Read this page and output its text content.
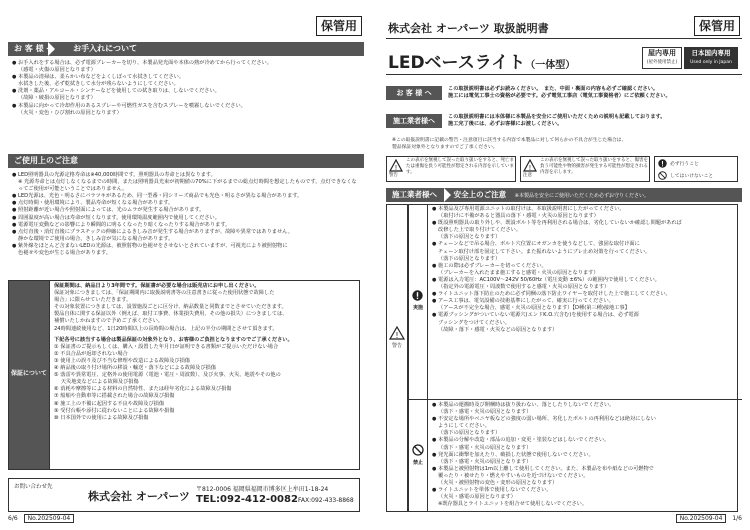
保管用
お 客 様 へ お手入れについて
● お手入れをする場合は、必ず電源ブレーカーを切り、本製品発光面や本体の熱が冷めてから行ってください。
（感電・火傷の原因となります）
● 本製品の清掃は、柔らかい布などをよくしぼって水拭きしてください。
水拭きした後、必ず乾拭きして水分が残らないようにしてください。
● 洗剤・薬品・アルコール・シンナーなどを使用しての拭き取りは、しないでください。
（故障・破損の原因となります）
● 本製品に向かって冷却作用のあるスプレーや可燃性ガスを含むスプレーを噴霧しないでください。
（火災・変色・ひび割れの原因となります）
ご使用上のご注意
● LED照明器具の光源定格寿命は※40,000時間です。照明器具の寿命とは異なります。
※ 光源寿命とは点灯しなくなるまでの時間、または照明器具光束が初期値の70%に下がるまでの総点灯時間を想定したものです。点灯できなくなってご使用が可能ということではありません。
● LED光源は、光色・明るさにバラツキがあるため、同一型番・同シリーズ商品でも光色・明るさが異なる場合があります。
● 点灯時間・使用環境により、製品寿命が短くなる場合があります。
● 照射距離が近い場合や照射面によっては、光のムラが発生する場合があります。
● 周囲温度が高い場合は寿命が短くなります。使用環境温度範囲内で使用してください。
● 電源電圧変動などの影響により瞬間的に明るくなったり暗くなったりする場合があります。
● 点灯直後・消灯直後にプラスチックの伸縮によるきしみ音が発生する場合がありますが、故障や異常ではありません。
静かな環境でご使用の場合、きしみ音が気になる場合があります。
● 紫外線をほとんど含まないLEDの光源は、被照射物の色褪せをさせないとされていますが、可視光により被照射物に
色褪せや変色が生じる場合があります。
保証について
保証期間は、納品日より3年間です。保証書が必要な場合は販売店にお申し出ください。
保証対象につきましては、「保証期間内に取扱説明書等の注意書きに従った使用状態で故障した
場合」に限らせていただきます。
その対象装置につきましては、設置施設ごとに区分け、納品数量と同数までとさせていただきます。
製品自体に関する保証以外（例えば、取付工事費、休業損失費用、その他の損失）につきましては、
補償いたしかねますので予めご了承ください。
24時間連続使用など、1日20時間以上の長時間の場合は、上記の半分の期間とさせて頂きます。
下記各号に該当する場合は製品保証の対象外となり、お客様のご負担となりますのでご了承ください。
① 保証書のご提示もしくは、購入・設置した年月日が証明できる書類がご提示いただけない場合
② 不具合品が返却されない場合
③ 使用上の誤り及び不当な修理や改造による故障及び損傷
④ 納品後の取り付け場所の移設・輸送・落下などによる故障及び損傷
⑤ 落雷や異常電圧、定格外の使用電源（電池・電圧・周波数）、及び火事、火災、地震やその他の
　 天災地変などによる故障及び損傷
⑥ 消耗や摩擦等による材料の自然特性、または経年劣化による故障及び損傷
⑦ 船舶や自動車等に搭載された場合の故障及び損傷
⑧ 施工上の不備に起因する不良や故障及び損傷
⑨ 受付台帳や添付に従わないことによる故障や損傷
⑩ 日本国外での使用による故障及び損傷
お問い合わせ先
株式会社 オーパーツ
〒812-0006 福岡県福岡市博多区上牟田1-18-24
TEL:092-412-0082 FAX:092-433-8868
6/6 No.202509-04
株式会社 オーパーツ 取扱説明書	保管用
LEDベースライト（一体型）
屋内専用
(屋外使用禁止)
日本国内専用
Used only in Japan
お 客 様 へ	この取扱説明書は必ずお読みください。　また、中面・裏面の内容も必ずご確認ください。
施工には電気工事士の資格が必要です。必ず電気工事店（電気工事資格者）にご依頼ください。
施工業者様へ	この取扱説明書には本体様に本製品を安全にご使用いただくための説明も記載しております。
施工完了後には、必ずお客様にお渡しください。
※この取扱説明書に記載の警告・注意項目に該当する内容で本製品に対して何らかの不具合が生じた場合は、
製品保証対象外となりますのでご了承ください。
!
警告
この表示を無視して誤った取り扱いをすると、死亡または重傷を負う可能性が想定される内容を示しています。
!
注意
この表示を無視して誤った取り扱いをすると、傷害を負う可能性や物的損害が発生する可能性が想定される内容を示します。
必ず行うこと
してはいけないこと
施工業者様へ 安全上のご注意 ※本製品を安全にご使用いただくため必ずお守りください。
!
警告
実施
● 本製品及び専用電源ユニットの取付けは、本取扱説明書にしたがってください。
（取付けに不備があると器具の落下・感電・火災の原因となります）
● 既設照明器具の取り外しや、既設ボルト等を再利用される場合は、劣化していないか確認し問題があれば
改修した上で取り付けてください。
（落下の原因となります）
● チェーンなどで吊る場合、ボルト穴位置にオガンカを使うなどして、強固な取付け面に
チェーン取付け部を固定して下さい。また振れないようにブレ止め対策を行ってください。
（落下の原因となります）
● 施工の際は必ずブレーカーを切ってください。
（ブレーカーを入れたまま施工すると感電・火災の原因となります）
● 電源は入力電圧：AC100V〜242V 50/60Hz（電圧変動 ±6%）の範囲内で使用してください。
（指定外の電源電圧・周波数で使用すると感電・火災の原因となります）
● ライトユニット落下防止のために必ず同梱の落下防止ワイヤーを取付けした上で施工してください。
● アース工事は、電気設備の技術基準にしたがって、確実に行ってください。
（アースが不完全な場合、感電・火災の原因となります）【D種(第三種)接地工事】
● 電源ブッシングがついていない電源穴(エンドK.O.穴含む)を使用する場合は、必ず電源
ブッシングをつけてください。
（故障・落下・感電・火災などの原因となります）
禁止
● 本製品の運搬時及び開梱時は抜り扱わない、落としたりしないでください。
（落下・感電・火災の原因となります）
● 不安定な場所やベニヤ板などの強度の弱い場所、劣化したボルトの再利用などは絶対にしない
ようにしてください。
（落下の原因となります）
● 本製品の分解や改造・部品の追加・変更・塗装などはしないでください。
（落下・感電・火災の原因となります）
● 発光面に衝撃を加えたり、破損した状態で使用しないでください。
（落下・感電・火災の原因となります）
● 本製品と被照射物は1m以上離して使用してください。また、本製品を布や紙などの可燃物で
覆ったり・被せたり・燃えやすいものを近づけないでください。
（火災・被照射物の変色・変形の原因となります）
● ライトユニットを単体で使用しないでください。
（火災・感電の原因となります）
※既存器具とライトユニットを組合せて使用しないでください。
No.202509-04 1/6
